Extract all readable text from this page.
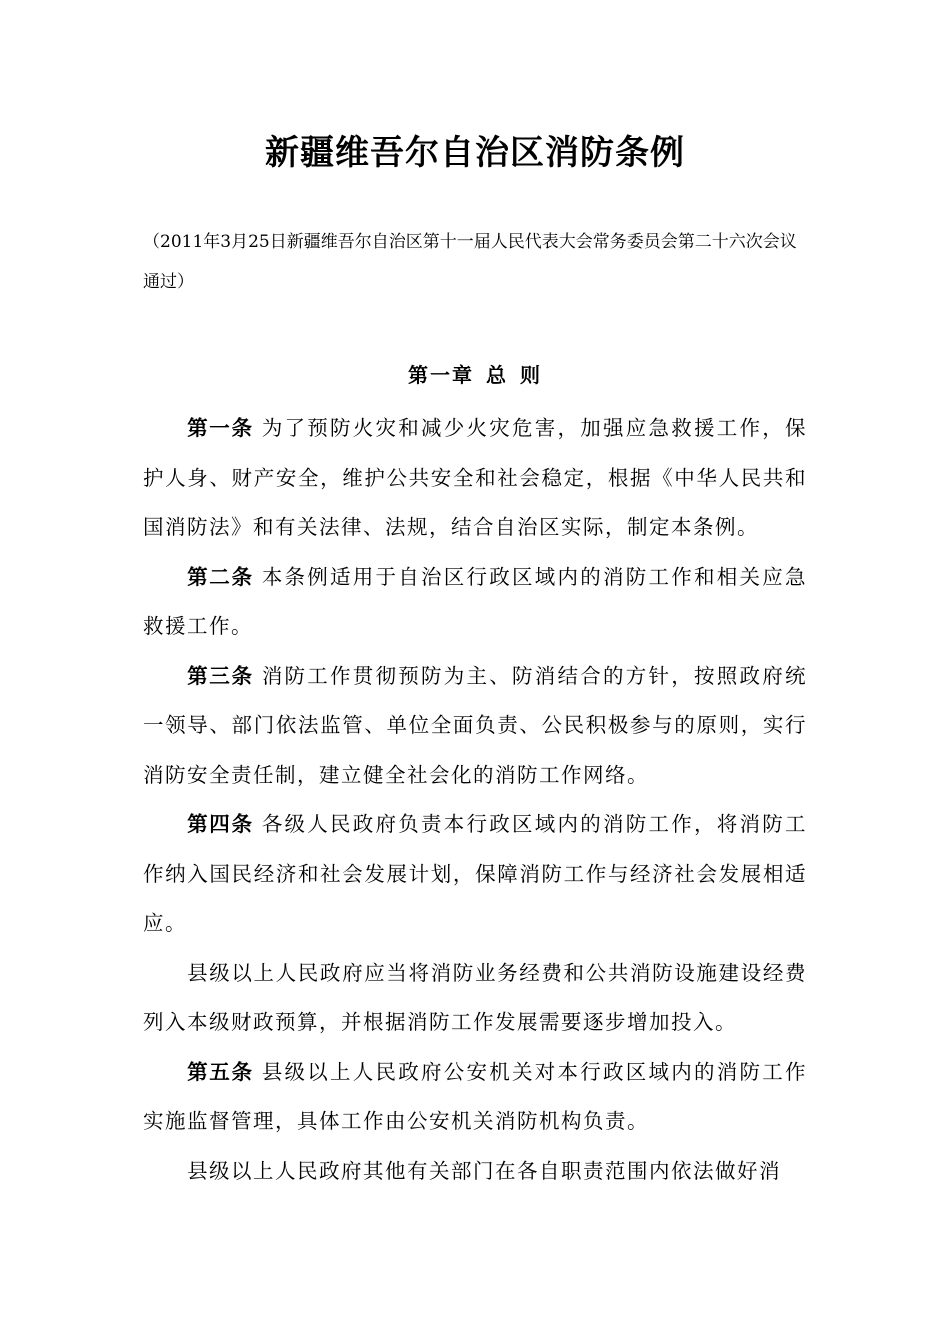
新疆维吾尔自治区消防条例
（2011年3月25日新疆维吾尔自治区第十一届人民代表大会常务委员会第二十六次会议通过）
第一章 总 则

第一条 为了预防火灾和减少火灾危害，加强应急救援工作，保护人身、财产安全，维护公共安全和社会稳定，根据《中华人民共和国消防法》和有关法律、法规，结合自治区实际，制定本条例。

第二条 本条例适用于自治区行政区域内的消防工作和相关应急救援工作。

第三条 消防工作贯彻预防为主、防消结合的方针，按照政府统一领导、部门依法监管、单位全面负责、公民积极参与的原则，实行消防安全责任制，建立健全社会化的消防工作网络。

第四条 各级人民政府负责本行政区域内的消防工作，将消防工作纳入国民经济和社会发展计划，保障消防工作与经济社会发展相适应。

县级以上人民政府应当将消防业务经费和公共消防设施建设经费列入本级财政预算，并根据消防工作发展需要逐步增加投入。

第五条 县级以上人民政府公安机关对本行政区域内的消防工作实施监督管理，具体工作由公安机关消防机构负责。

县级以上人民政府其他有关部门在各自职责范围内依法做好消
